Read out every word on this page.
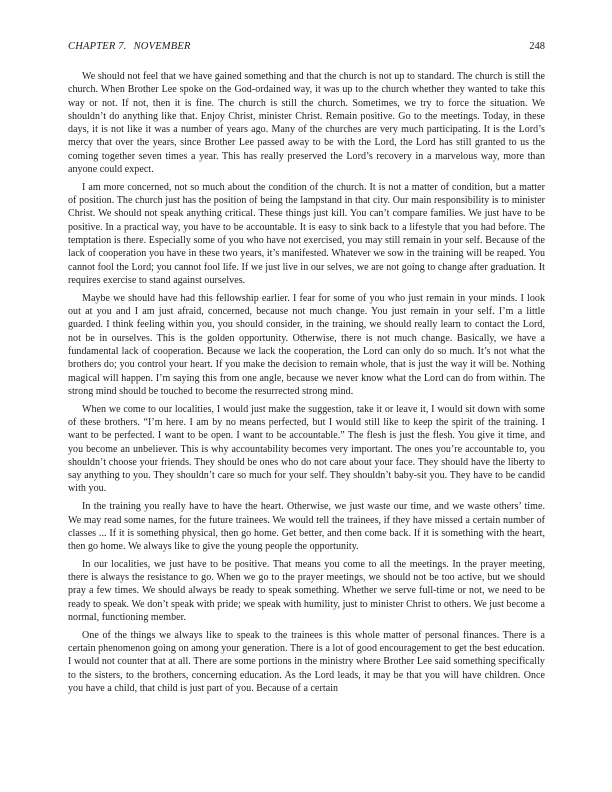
CHAPTER 7. NOVEMBER	248

We should not feel that we have gained something and that the church is not up to standard. The church is still the church. When Brother Lee spoke on the God-ordained way, it was up to the church whether they wanted to take this way or not. If not, then it is fine. The church is still the church. Sometimes, we try to force the situation. We shouldn’t do anything like that. Enjoy Christ, minister Christ. Remain positive. Go to the meetings. Today, in these days, it is not like it was a number of years ago. Many of the churches are very much participating. It is the Lord’s mercy that over the years, since Brother Lee passed away to be with the Lord, the Lord has still granted to us the coming together seven times a year. This has really preserved the Lord’s recovery in a marvelous way, more than anyone could expect.

I am more concerned, not so much about the condition of the church. It is not a matter of condition, but a matter of position. The church just has the position of being the lampstand in that city. Our main responsibility is to minister Christ. We should not speak anything critical. These things just kill. You can’t compare families. We just have to be positive. In a practical way, you have to be accountable. It is easy to sink back to a lifestyle that you had before. The temptation is there. Especially some of you who have not exercised, you may still remain in your self. Because of the lack of cooperation you have in these two years, it’s manifested. Whatever we sow in the training will be reaped. You cannot fool the Lord; you cannot fool life. If we just live in our selves, we are not going to change after graduation. It requires exercise to stand against ourselves.

Maybe we should have had this fellowship earlier. I fear for some of you who just remain in your minds. I look out at you and I am just afraid, concerned, because not much change. You just remain in your self. I’m a little guarded. I think feeling within you, you should consider, in the training, we should really learn to contact the Lord, not be in ourselves. This is the golden opportunity. Otherwise, there is not much change. Basically, we have a fundamental lack of cooperation. Because we lack the cooperation, the Lord can only do so much. It’s not what the brothers do; you control your heart. If you make the decision to remain whole, that is just the way it will be. Nothing magical will happen. I’m saying this from one angle, because we never know what the Lord can do from within. The strong mind should be touched to become the resurrected strong mind.

When we come to our localities, I would just make the suggestion, take it or leave it, I would sit down with some of these brothers. “I’m here. I am by no means perfected, but I would still like to keep the spirit of the training. I want to be perfected. I want to be open. I want to be accountable.” The flesh is just the flesh. You give it time, and you become an unbeliever. This is why accountability becomes very important. The ones you’re accountable to, you shouldn’t choose your friends. They should be ones who do not care about your face. They should have the liberty to say anything to you. They shouldn’t care so much for your self. They shouldn’t baby-sit you. They have to be candid with you.

In the training you really have to have the heart. Otherwise, we just waste our time, and we waste others’ time. We may read some names, for the future trainees. We would tell the trainees, if they have missed a certain number of classes ... If it is something physical, then go home. Get better, and then come back. If it is something with the heart, then go home. We always like to give the young people the opportunity.

In our localities, we just have to be positive. That means you come to all the meetings. In the prayer meeting, there is always the resistance to go. When we go to the prayer meetings, we should not be too active, but we should pray a few times. We should always be ready to speak something. Whether we serve full-time or not, we need to be ready to speak. We don’t speak with pride; we speak with humility, just to minister Christ to others. We just become a normal, functioning member.

One of the things we always like to speak to the trainees is this whole matter of personal finances. There is a certain phenomenon going on among your generation. There is a lot of good encouragement to get the best education. I would not counter that at all. There are some portions in the ministry where Brother Lee said something specifically to the sisters, to the brothers, concerning education. As the Lord leads, it may be that you will have children. Once you have a child, that child is just part of you. Because of a certain
